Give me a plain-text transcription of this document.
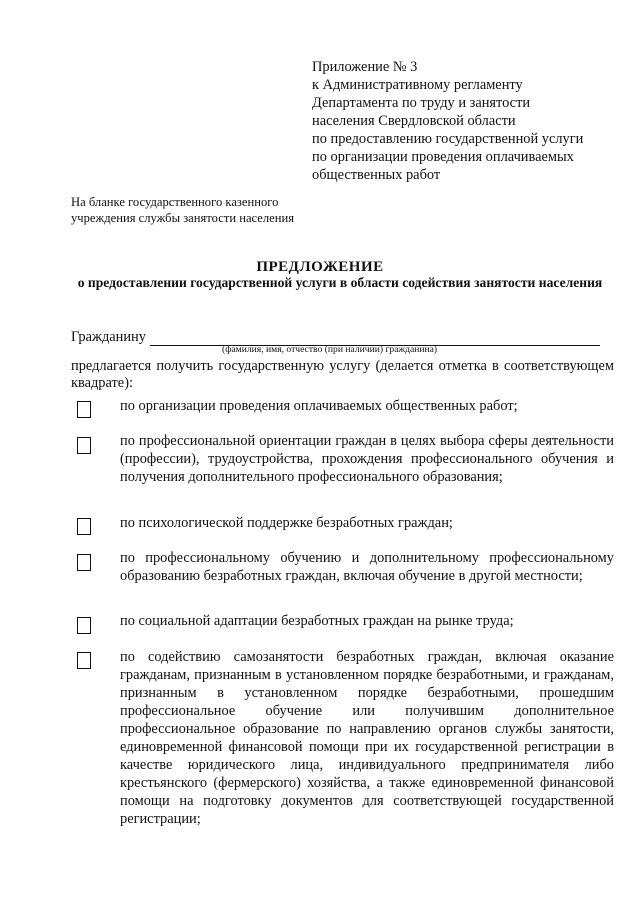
Приложение № 3
к Административному регламенту
Департамента по труду и занятости
населения Свердловской области
по предоставлению государственной услуги
по организации проведения оплачиваемых
общественных работ
На бланке государственного казенного
учреждения службы занятости населения
ПРЕДЛОЖЕНИЕ
о предоставлении государственной услуги в области содействия занятости населения
Гражданину
(фамилия, имя, отчество (при наличии) гражданина)
предлагается получить государственную услугу (делается отметка в соответствующем квадрате):
по организации проведения оплачиваемых общественных работ;
по профессиональной ориентации граждан в целях выбора сферы деятельности (профессии), трудоустройства, прохождения профессионального обучения и получения дополнительного профессионального образования;
по психологической поддержке безработных граждан;
по профессиональному обучению и дополнительному профессиональному образованию безработных граждан, включая обучение в другой местности;
по социальной адаптации безработных граждан на рынке труда;
по содействию самозанятости безработных граждан, включая оказание гражданам, признанным в установленном порядке безработными, и гражданам, признанным в установленном порядке безработными, прошедшим профессиональное обучение или получившим дополнительное профессиональное образование по направлению органов службы занятости, единовременной финансовой помощи при их государственной регистрации в качестве юридического лица, индивидуального предпринимателя либо крестьянского (фермерского) хозяйства, а также единовременной финансовой помощи на подготовку документов для соответствующей государственной регистрации;
